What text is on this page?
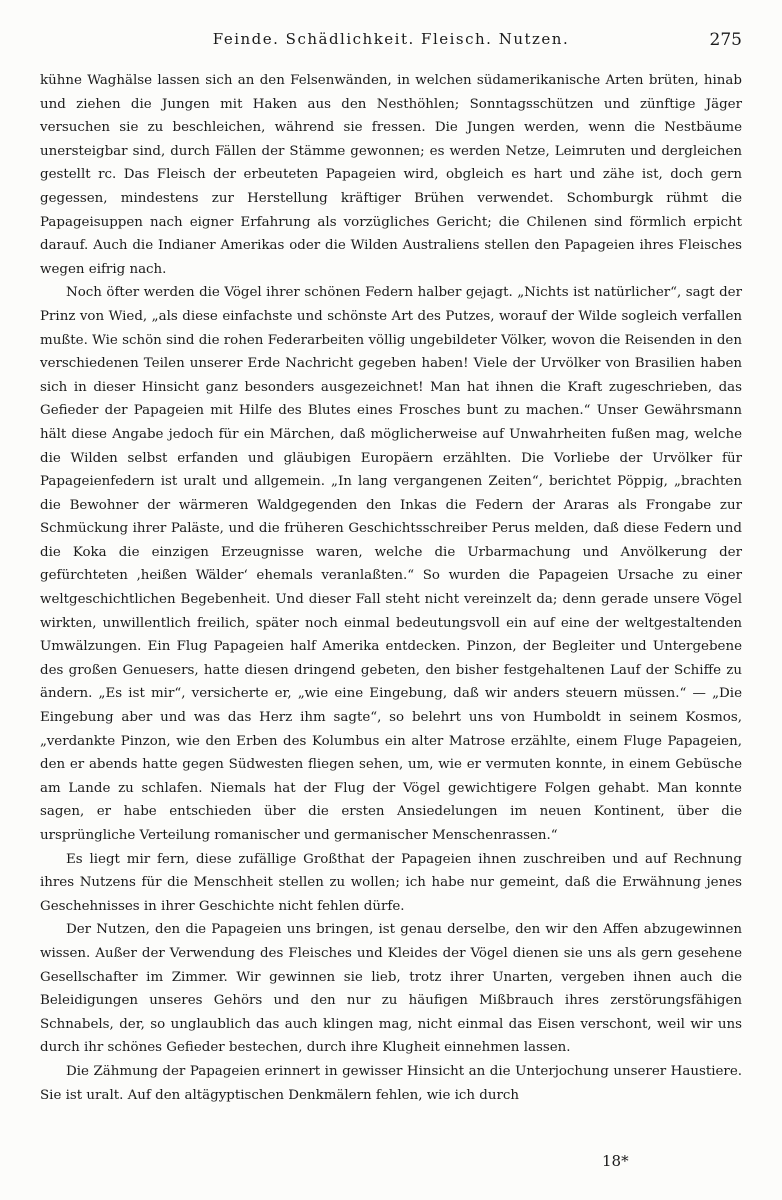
Feinde. Schädlichkeit. Fleisch. Nutzen.	275

kühne Waghälse lassen sich an den Felsenwänden, in welchen südamerikanische Arten brüten, hinab und ziehen die Jungen mit Haken aus den Nesthöhlen; Sonntagsschützen und zünftige Jäger versuchen sie zu beschleichen, während sie fressen. Die Jungen werden, wenn die Nestbäume unersteigbar sind, durch Fällen der Stämme gewonnen; es werden Netze, Leimruten und dergleichen gestellt rc. Das Fleisch der erbeuteten Papageien wird, obgleich es hart und zähe ist, doch gern gegessen, mindestens zur Herstellung kräftiger Brühen verwendet. Schomburgk rühmt die Papageisuppen nach eigner Erfahrung als vorzügliches Gericht; die Chilenen sind förmlich erpicht darauf. Auch die Indianer Amerikas oder die Wilden Australiens stellen den Papageien ihres Fleisches wegen eifrig nach.

Noch öfter werden die Vögel ihrer schönen Federn halber gejagt. „Nichts ist natürlicher“, sagt der Prinz von Wied, „als diese einfachste und schönste Art des Putzes, worauf der Wilde sogleich verfallen mußte. Wie schön sind die rohen Federarbeiten völlig ungebildeter Völker, wovon die Reisenden in den verschiedenen Teilen unserer Erde Nachricht gegeben haben! Viele der Urvölker von Brasilien haben sich in dieser Hinsicht ganz besonders ausgezeichnet! Man hat ihnen die Kraft zugeschrieben, das Gefieder der Papageien mit Hilfe des Blutes eines Frosches bunt zu machen.“ Unser Gewährsmann hält diese Angabe jedoch für ein Märchen, daß möglicherweise auf Unwahrheiten fußen mag, welche die Wilden selbst erfanden und gläubigen Europäern erzählten. Die Vorliebe der Urvölker für Papageienfedern ist uralt und allgemein. „In lang vergangenen Zeiten“, berichtet Pöppig, „brachten die Bewohner der wärmeren Waldgegenden den Inkas die Federn der Araras als Frongabe zur Schmückung ihrer Paläste, und die früheren Geschichtsschreiber Perus melden, daß diese Federn und die Koka die einzigen Erzeugnisse waren, welche die Urbarmachung und Anvölkerung der gefürchteten ‚heißen Wälder‘ ehemals veranlaßten.“ So wurden die Papageien Ursache zu einer weltgeschichtlichen Begebenheit. Und dieser Fall steht nicht vereinzelt da; denn gerade unsere Vögel wirkten, unwillentlich freilich, später noch einmal bedeutungsvoll ein auf eine der weltgestaltenden Umwälzungen. Ein Flug Papageien half Amerika entdecken. Pinzon, der Begleiter und Untergebene des großen Genuesers, hatte diesen dringend gebeten, den bisher festgehaltenen Lauf der Schiffe zu ändern. „Es ist mir“, versicherte er, „wie eine Eingebung, daß wir anders steuern müssen.“ — „Die Eingebung aber und was das Herz ihm sagte“, so belehrt uns von Humboldt in seinem Kosmos, „verdankte Pinzon, wie den Erben des Kolumbus ein alter Matrose erzählte, einem Fluge Papageien, den er abends hatte gegen Südwesten fliegen sehen, um, wie er vermuten konnte, in einem Gebüsche am Lande zu schlafen. Niemals hat der Flug der Vögel gewichtigere Folgen gehabt. Man konnte sagen, er habe entschieden über die ersten Ansiedelungen im neuen Kontinent, über die ursprüngliche Verteilung romanischer und germanischer Menschenrassen.“

Es liegt mir fern, diese zufällige Großthat der Papageien ihnen zuschreiben und auf Rechnung ihres Nutzens für die Menschheit stellen zu wollen; ich habe nur gemeint, daß die Erwähnung jenes Geschehnisses in ihrer Geschichte nicht fehlen dürfe.

Der Nutzen, den die Papageien uns bringen, ist genau derselbe, den wir den Affen abzugewinnen wissen. Außer der Verwendung des Fleisches und Kleides der Vögel dienen sie uns als gern gesehene Gesellschafter im Zimmer. Wir gewinnen sie lieb, trotz ihrer Unarten, vergeben ihnen auch die Beleidigungen unseres Gehörs und den nur zu häufigen Mißbrauch ihres zerstörungsfähigen Schnabels, der, so unglaublich das auch klingen mag, nicht einmal das Eisen verschont, weil wir uns durch ihr schönes Gefieder bestechen, durch ihre Klugheit einnehmen lassen.

Die Zähmung der Papageien erinnert in gewisser Hinsicht an die Unterjochung unserer Haustiere. Sie ist uralt. Auf den altägyptischen Denkmälern fehlen, wie ich durch

18*
